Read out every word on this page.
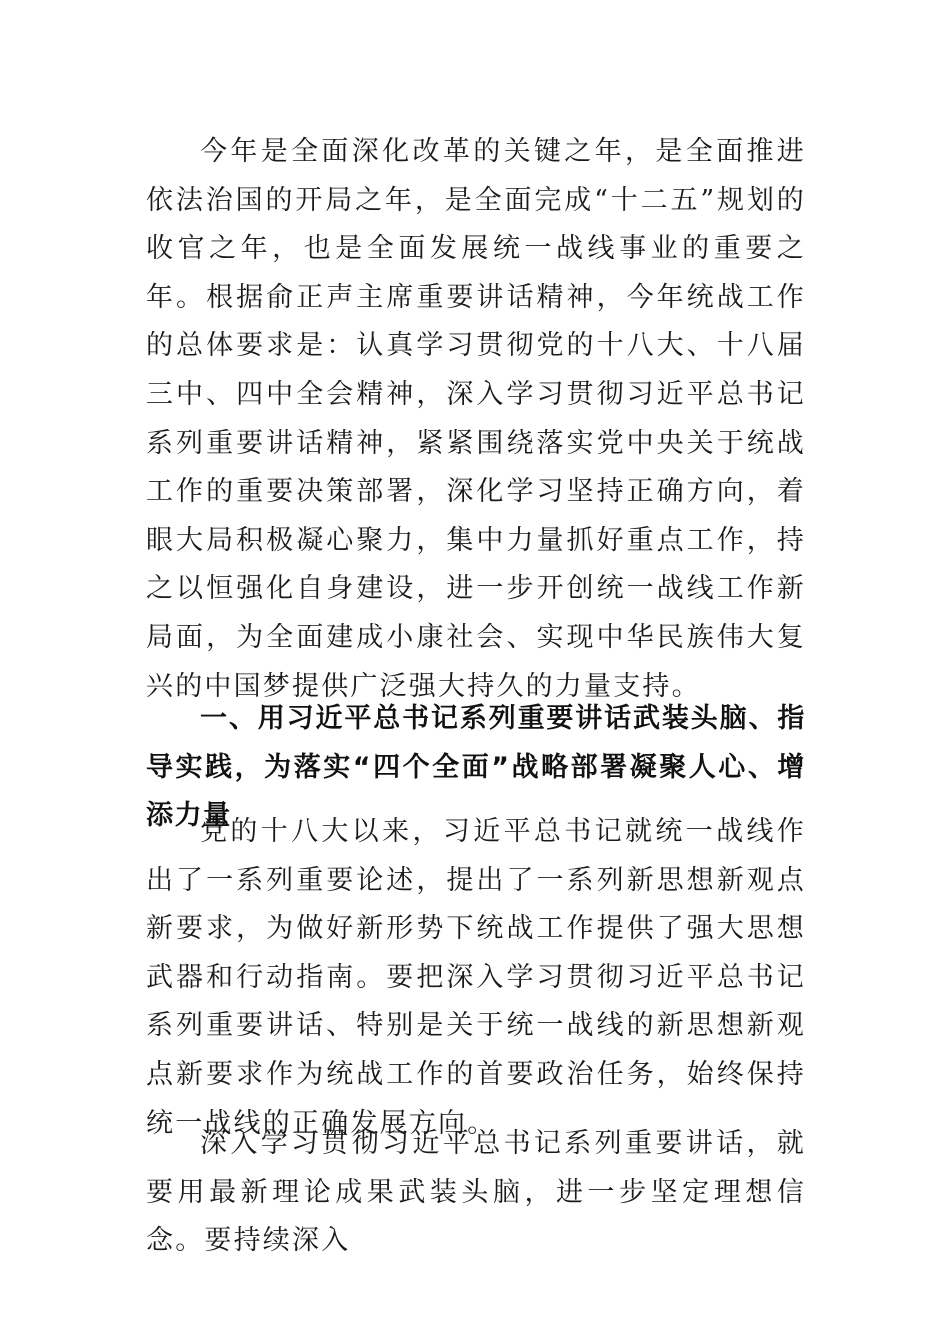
今年是全面深化改革的关键之年，是全面推进依法治国的开局之年，是全面完成“十二五”规划的收官之年，也是全面发展统一战线事业的重要之年。根据俞正声主席重要讲话精神，今年统战工作的总体要求是：认真学习贯彻党的十八大、十八届三中、四中全会精神，深入学习贯彻习近平总书记系列重要讲话精神，紧紧围绕落实党中央关于统战工作的重要决策部署，深化学习坚持正确方向，着眼大局积极凝心聚力，集中力量抓好重点工作，持之以恒强化自身建设，进一步开创统一战线工作新局面，为全面建成小康社会、实现中华民族伟大复兴的中国梦提供广泛强大持久的力量支持。

一、用习近平总书记系列重要讲话武装头脑、指导实践，为落实“四个全面”战略部署凝聚人心、增添力量

党的十八大以来，习近平总书记就统一战线作出了一系列重要论述，提出了一系列新思想新观点新要求，为做好新形势下统战工作提供了强大思想武器和行动指南。要把深入学习贯彻习近平总书记系列重要讲话、特别是关于统一战线的新思想新观点新要求作为统战工作的首要政治任务，始终保持统一战线的正确发展方向。

深入学习贯彻习近平总书记系列重要讲话，就要用最新理论成果武装头脑，进一步坚定理想信念。要持续深入
